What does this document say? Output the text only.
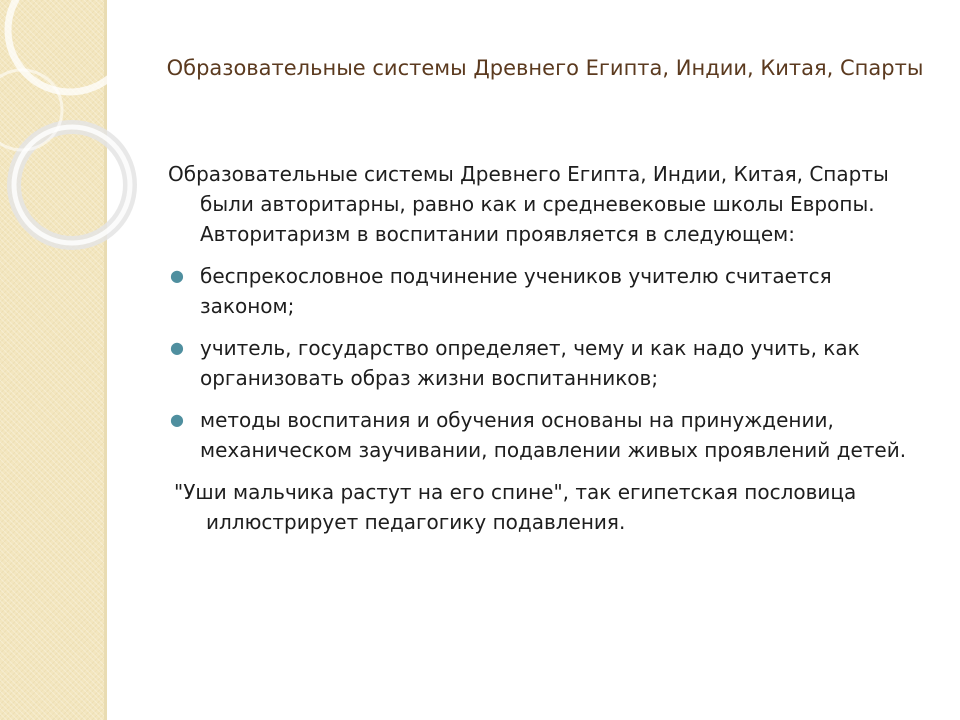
Образовательные системы Древнего Египта, Индии, Китая, Спарты

Образовательные системы Древнего Египта, Индии, Китая, Спарты были авторитарны, равно как и средневековые школы Европы. Авторитаризм в воспитании проявляется в следующем:

● беспрекословное подчинение учеников учителю считается законом;
● учитель, государство определяет, чему и как надо учить, как организовать образ жизни воспитанников;
● методы воспитания и обучения основаны на принуждении, механическом заучивании, подавлении живых проявлений детей.

"Уши мальчика растут на его спине", так египетская пословица иллюстрирует педагогику подавления.
